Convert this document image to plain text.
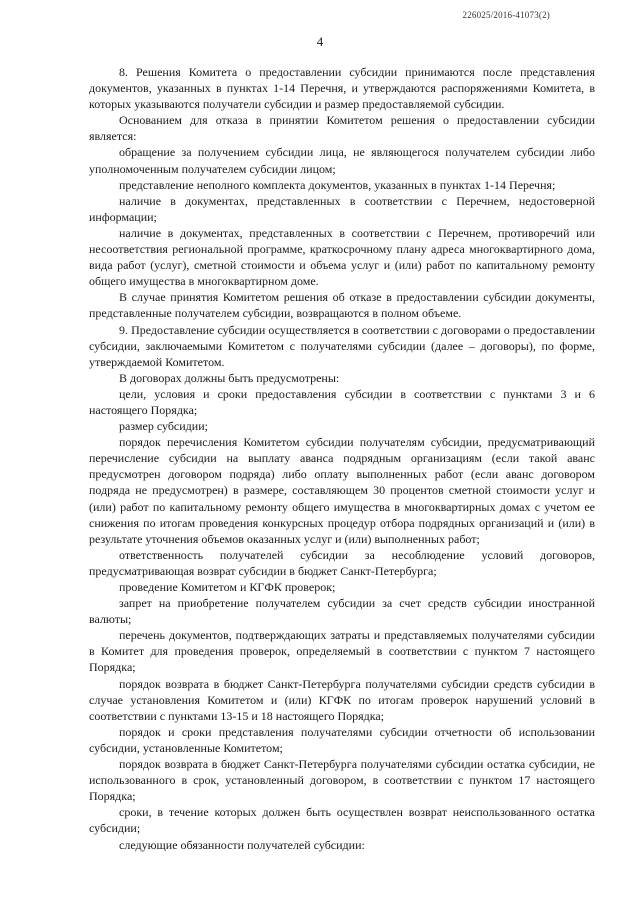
226025/2016-41073(2)
4

8. Решения Комитета о предоставлении субсидии принимаются после представления документов, указанных в пунктах 1-14 Перечня, и утверждаются распоряжениями Комитета, в которых указываются получатели субсидии и размер предоставляемой субсидии.

Основанием для отказа в принятии Комитетом решения о предоставлении субсидии является:

обращение за получением субсидии лица, не являющегося получателем субсидии либо уполномоченным получателем субсидии лицом;

представление неполного комплекта документов, указанных в пунктах 1-14 Перечня;

наличие в документах, представленных в соответствии с Перечнем, недостоверной информации;

наличие в документах, представленных в соответствии с Перечнем, противоречий или несоответствия региональной программе, краткосрочному плану адреса многоквартирного дома, вида работ (услуг), сметной стоимости и объема услуг и (или) работ по капитальному ремонту общего имущества в многоквартирном доме.

В случае принятия Комитетом решения об отказе в предоставлении субсидии документы, представленные получателем субсидии, возвращаются в полном объеме.

9. Предоставление субсидии осуществляется в соответствии с договорами о предоставлении субсидии, заключаемыми Комитетом с получателями субсидии (далее – договоры), по форме, утверждаемой Комитетом.

В договорах должны быть предусмотрены:

цели, условия и сроки предоставления субсидии в соответствии с пунктами 3 и 6 настоящего Порядка;

размер субсидии;

порядок перечисления Комитетом субсидии получателям субсидии, предусматривающий перечисление субсидии на выплату аванса подрядным организациям (если такой аванс предусмотрен договором подряда) либо оплату выполненных работ (если аванс договором подряда не предусмотрен) в размере, составляющем 30 процентов сметной стоимости услуг и (или) работ по капитальному ремонту общего имущества в многоквартирных домах с учетом ее снижения по итогам проведения конкурсных процедур отбора подрядных организаций и (или) в результате уточнения объемов оказанных услуг и (или) выполненных работ;

ответственность получателей субсидии за несоблюдение условий договоров, предусматривающая возврат субсидии в бюджет Санкт-Петербурга;

проведение Комитетом и КГФК проверок;

запрет на приобретение получателем субсидии за счет средств субсидии иностранной валюты;

перечень документов, подтверждающих затраты и представляемых получателями субсидии в Комитет для проведения проверок, определяемый в соответствии с пунктом 7 настоящего Порядка;

порядок возврата в бюджет Санкт-Петербурга получателями субсидии средств субсидии в случае установления Комитетом и (или) КГФК по итогам проверок нарушений условий в соответствии с пунктами 13-15 и 18 настоящего Порядка;

порядок и сроки представления получателями субсидии отчетности об использовании субсидии, установленные Комитетом;

порядок возврата в бюджет Санкт-Петербурга получателями субсидии остатка субсидии, не использованного в срок, установленный договором, в соответствии с пунктом 17 настоящего Порядка;

сроки, в течение которых должен быть осуществлен возврат неиспользованного остатка субсидии;

следующие обязанности получателей субсидии:
